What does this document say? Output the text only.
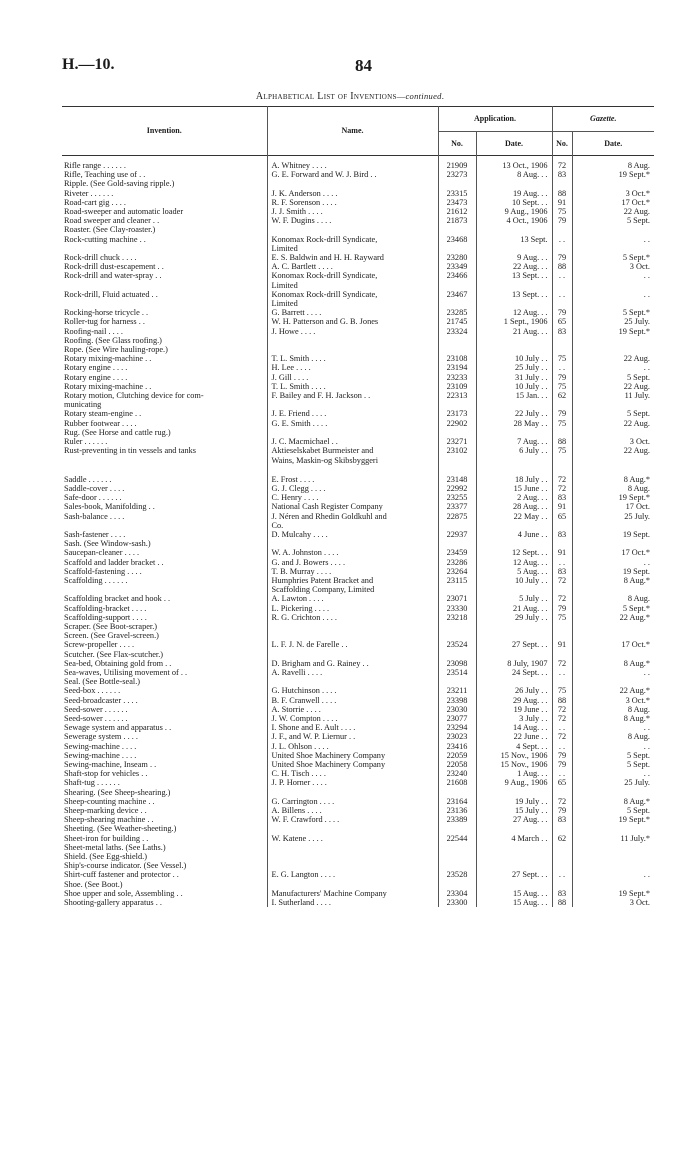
H.—10.	84
Alphabetical List of Inventions—continued.
Invention.	Name.	Application.		Gazette.	
		No.	Date.	No.	Date.

Rifle range . . . . . .	A. Whitney . . . .	21909	13 Oct., 1906	72	8 Aug.
Rifle, Teaching use of . .	G. E. Forward and W. J. Bird . .	23273	8 Aug. . .	83	19 Sept.*
Ripple. (See Gold-saving ripple.)					
Riveter . . . . . .	J. K. Anderson . . . .	23315	19 Aug. . .	88	3 Oct.*
Road-cart gig . . . .	R. F. Sorenson . . . .	23473	10 Sept. . .	91	17 Oct.*
Road-sweeper and automatic loader	J. J. Smith . . . .	21612	9 Aug., 1906	75	22 Aug.
Road sweeper and cleaner . .	W. F. Dugins . . . .	21873	4 Oct., 1906	79	5 Sept.
Roaster. (See Clay-roaster.)					
Rock-cutting machine . .	Konomax Rock-drill Syndicate,	23468	13 Sept.	. .	. .
	Limited				
Rock-drill chuck . . . .	E. S. Baldwin and H. H. Rayward	23280	9 Aug. . .	79	5 Sept.*
Rock-drill dust-escapement . .	A. C. Bartlett . . . .	23349	22 Aug. . .	88	3 Oct.
Rock-drill and water-spray . .	Konomax Rock-drill Syndicate,	23466	13 Sept. . .	. .	. .
	Limited				
Rock-drill, Fluid actuated . .	Konomax Rock-drill Syndicate,	23467	13 Sept. . .	. .	. .
	Limited				
Rocking-horse tricycle . .	G. Barrett . . . .	23285	12 Aug. . .	79	5 Sept.*
Roller-tug for harness . .	W. H. Patterson and G. B. Jones	21745	1 Sept., 1906	65	25 July.
Roofing-nail . . . .	J. Howe . . . .	23324	21 Aug. . .	83	19 Sept.*
Roofing. (See Glass roofing.)					
Rope. (See Wire hauling-rope.)					
Rotary mixing-machine . .	T. L. Smith . . . .	23108	10 July . .	75	22 Aug.
Rotary engine . . . .	H. Lee . . . .	23194	25 July . .	. .	. .
Rotary engine . . . .	J. Gill . . . .	23233	31 July . .	79	5 Sept.
Rotary mixing-machine . .	T. L. Smith . . . .	23109	10 July . .	75	22 Aug.
Rotary motion, Clutching device for com-	F. Bailey and F. H. Jackson . .	22313	15 Jan. . .	62	11 July.
municating					
Rotary steam-engine . .	J. E. Friend . . . .	23173	22 July . .	79	5 Sept.
Rubber footwear . . . .	G. E. Smith . . . .	22902	28 May . .	75	22 Aug.
Rug. (See Horse and cattle rug.)					
Ruler . . . . . .	J. C. Macmichael . .	23271	7 Aug. . .	88	3 Oct.
Rust-preventing in tin vessels and tanks	Aktieselskabet Burmeister and	23102	6 July . .	75	22 Aug.
	Wains, Maskin-og Skibsbyggeri				

Saddle . . . . . .	E. Frost . . . .	23148	18 July . .	72	8 Aug.*
Saddle-cover . . . .	G. J. Clegg . . . .	22992	15 June . .	72	8 Aug.
Safe-door . . . . . .	C. Henry . . . .	23255	2 Aug. . .	83	19 Sept.*
Sales-book, Manifolding . .	National Cash Register Company	23377	28 Aug. . .	91	17 Oct.
Sash-balance . . . .	J. Néren and Rhedin Goldkuhl and	22875	22 May . .	65	25 July.
	Co.				
Sash-fastener . . . .	D. Mulcahy . . . .	22937	4 June . .	83	19 Sept.
Sash. (See Window-sash.)					
Saucepan-cleaner . . . .	W. A. Johnston . . . .	23459	12 Sept. . .	91	17 Oct.*
Scaffold and ladder bracket . .	G. and J. Bowers . . . .	23286	12 Aug. . .	. .	. .
Scaffold-fastening . . . .	T. B. Murray . . . .	23264	5 Aug. . .	83	19 Sept.
Scaffolding . . . . . .	Humphries Patent Bracket and	23115	10 July . .	72	8 Aug.*
	Scaffolding Company, Limited				
Scaffolding bracket and hook . .	A. Lawton . . . .	23071	5 July . .	72	8 Aug.
Scaffolding-bracket . . . .	L. Pickering . . . .	23330	21 Aug. . .	79	5 Sept.*
Scaffolding-support . . . .	R. G. Crichton . . . .	23218	29 July . .	75	22 Aug.*
Scraper. (See Boot-scraper.)					
Screen. (See Gravel-screen.)					
Screw-propeller . . . .	L. F. J. N. de Farelle . .	23524	27 Sept. . .	91	17 Oct.*
Scutcher. (See Flax-scutcher.)					
Sea-bed, Obtaining gold from . .	D. Brigham and G. Rainey . .	23098	8 July, 1907	72	8 Aug.*
Sea-waves, Utilising movement of . .	A. Ravelli . . . .	23514	24 Sept. . .	. .	. .
Seal. (See Bottle-seal.)					
Seed-box . . . . . .	G. Hutchinson . . . .	23211	26 July . .	75	22 Aug.*
Seed-broadcaster . . . .	B. F. Cranwell . . . .	23398	29 Aug. . .	88	3 Oct.*
Seed-sower . . . . . .	A. Storrie . . . .	23030	19 June . .	72	8 Aug.
Seed-sower . . . . . .	J. W. Compton . . . .	23077	3 July . .	72	8 Aug.*
Sewage system and apparatus . .	I. Shone and E. Ault . . . .	23294	14 Aug. . .	. .	. .
Sewerage system . . . .	J. F., and W. P. Liernur . .	23023	22 June . .	72	8 Aug.
Sewing-machine . . . .	J. L. Ohlson . . . .	23416	4 Sept. . .	. .	. .
Sewing-machine . . . .	United Shoe Machinery Company	22059	15 Nov., 1906	79	5 Sept.
Sewing-machine, Inseam . .	United Shoe Machinery Company	22058	15 Nov., 1906	79	5 Sept.
Shaft-stop for vehicles . .	C. H. Tisch . . . .	23240	1 Aug. . .	. .	. .
Shaft-tug . . . . . .	J. P. Horner . . . .	21608	9 Aug., 1906	65	25 July.
Shearing. (See Sheep-shearing.)					
Sheep-counting machine . .	G. Carrington . . . .	23164	19 July . .	72	8 Aug.*
Sheep-marking device . .	A. Billens . . . .	23136	15 July . .	79	5 Sept.
Sheep-shearing machine . .	W. F. Crawford . . . .	23389	27 Aug. . .	83	19 Sept.*
Sheeting. (See Weather-sheeting.)					
Sheet-iron for building . .	W. Katene . . . .	22544	4 March . .	62	11 July.*
Sheet-metal laths. (See Laths.)					
Shield. (See Egg-shield.)					
Ship's-course indicator. (See Vessel.)					
Shirt-cuff fastener and protector . .	E. G. Langton . . . .	23528	27 Sept. . .	. .	. .
Shoe. (See Boot.)					
Shoe upper and sole, Assembling . .	Manufacturers' Machine Company	23304	15 Aug. . .	83	19 Sept.*
Shooting-gallery apparatus . .	I. Sutherland . . . .	23300	15 Aug. . .	88	3 Oct.
